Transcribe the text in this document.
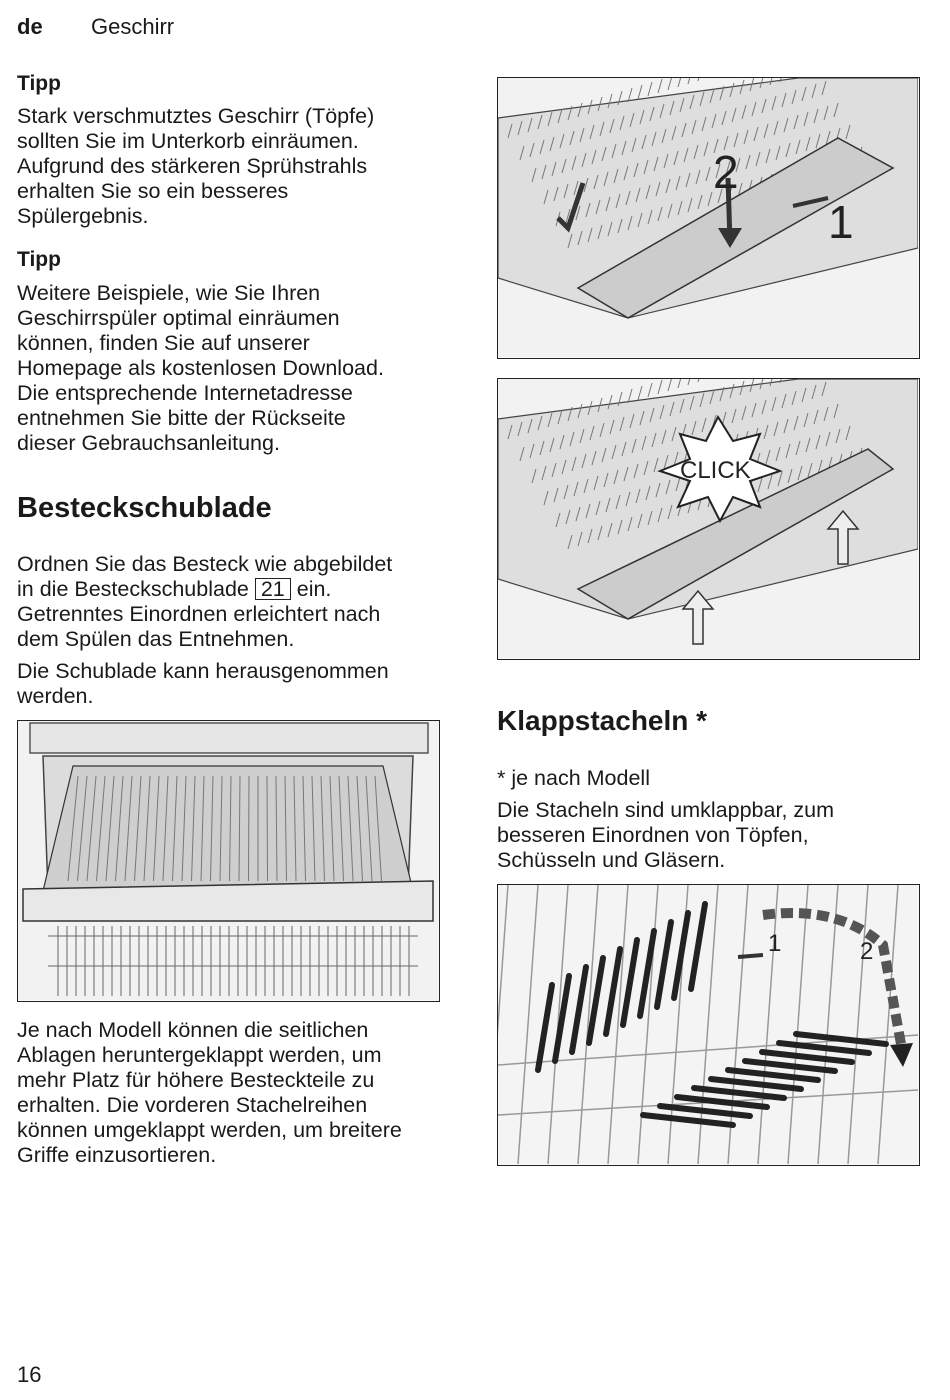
de Geschirr
Tipp
Stark verschmutztes Geschirr (Töpfe)
sollten Sie im Unterkorb einräumen.
Aufgrund des stärkeren Sprühstrahls
erhalten Sie so ein besseres
Spülergebnis.
Tipp
Weitere Beispiele, wie Sie Ihren
Geschirrspüler optimal einräumen
können, finden Sie auf unserer
Homepage als kostenlosen Download.
Die entsprechende Internetadresse
entnehmen Sie bitte der Rückseite
dieser Gebrauchsanleitung.
Besteckschublade
Ordnen Sie das Besteck wie abgebildet
in die Besteckschublade 21 ein.
Getrenntes Einordnen erleichtert nach
dem Spülen das Entnehmen.
Die Schublade kann herausgenommen
werden.
Je nach Modell können die seitlichen
Ablagen heruntergeklappt werden, um
mehr Platz für höhere Besteckteile zu
erhalten. Die vorderen Stachelreihen
können umgeklappt werden, um breitere
Griffe einzusortieren.
2
1
CLICK
Klappstacheln *
* je nach Modell
Die Stacheln sind umklappbar, zum
besseren Einordnen von Töpfen,
Schüsseln und Gläsern.
1	2
16
